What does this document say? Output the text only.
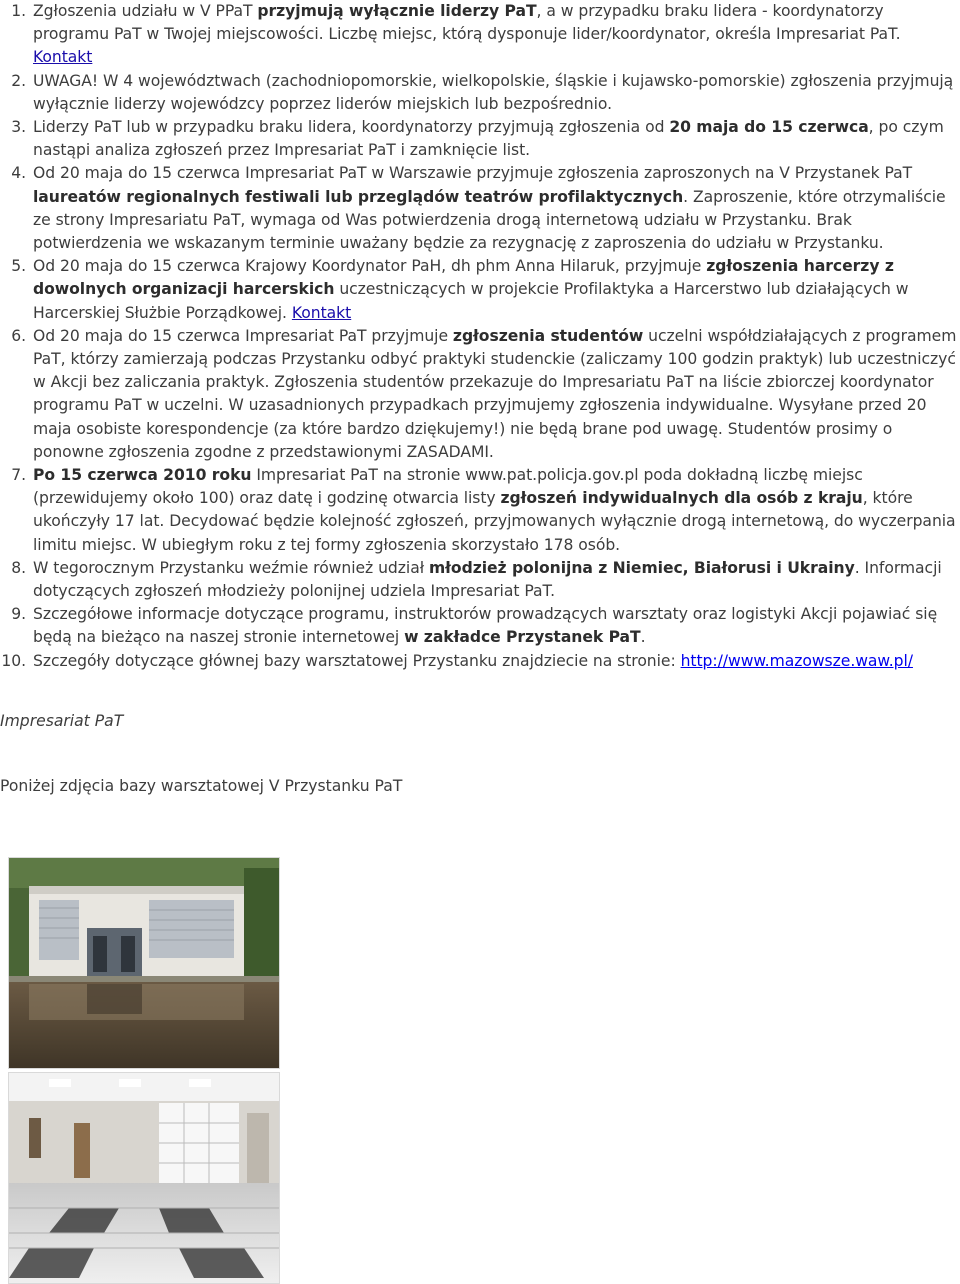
1. Zgłoszenia udziału w V PPaT przyjmują wyłącznie liderzy PaT, a w przypadku braku lidera - koordynatorzy programu PaT w Twojej miejscowości. Liczbę miejsc, którą dysponuje lider/koordynator, określa Impresariat PaT. Kontakt
2. UWAGA! W 4 województwach (zachodniopomorskie, wielkopolskie, śląskie i kujawsko-pomorskie) zgłoszenia przyjmują wyłącznie liderzy wojewódzcy poprzez liderów miejskich lub bezpośrednio.
3. Liderzy PaT lub w przypadku braku lidera, koordynatorzy przyjmują zgłoszenia od 20 maja do 15 czerwca, po czym nastąpi analiza zgłoszeń przez Impresariat PaT i zamknięcie list.
4. Od 20 maja do 15 czerwca Impresariat PaT w Warszawie przyjmuje zgłoszenia zaproszonych na V Przystanek PaT laureatów regionalnych festiwali lub przeglądów teatrów profilaktycznych. Zaproszenie, które otrzymaliście ze strony Impresariatu PaT, wymaga od Was potwierdzenia drogą internetową udziału w Przystanku. Brak potwierdzenia we wskazanym terminie uważany będzie za rezygnację z zaproszenia do udziału w Przystanku.
5. Od 20 maja do 15 czerwca Krajowy Koordynator PaH, dh phm Anna Hilaruk, przyjmuje zgłoszenia harcerzy z dowolnych organizacji harcerskich uczestniczących w projekcie Profilaktyka a Harcerstwo lub działających w Harcerskiej Służbie Porządkowej. Kontakt
6. Od 20 maja do 15 czerwca Impresariat PaT przyjmuje zgłoszenia studentów uczelni współdziałających z programem PaT, którzy zamierzają podczas Przystanku odbyć praktyki studenckie (zaliczamy 100 godzin praktyk) lub uczestniczyć w Akcji bez zaliczania praktyk. Zgłoszenia studentów przekazuje do Impresariatu PaT na liście zbiorczej koordynator programu PaT w uczelni. W uzasadnionych przypadkach przyjmujemy zgłoszenia indywidualne. Wysyłane przed 20 maja osobiste korespondencje (za które bardzo dziękujemy!) nie będą brane pod uwagę. Studentów prosimy o ponowne zgłoszenia zgodne z przedstawionymi ZASADAMI.
7. Po 15 czerwca 2010 roku Impresariat PaT na stronie www.pat.policja.gov.pl poda dokładną liczbę miejsc (przewidujemy około 100) oraz datę i godzinę otwarcia listy zgłoszeń indywidualnych dla osób z kraju, które ukończyły 17 lat. Decydować będzie kolejność zgłoszeń, przyjmowanych wyłącznie drogą internetową, do wyczerpania limitu miejsc. W ubiegłym roku z tej formy zgłoszenia skorzystało 178 osób.
8. W tegorocznym Przystanku weźmie również udział młodzież polonijna z Niemiec, Białorusi i Ukrainy. Informacji dotyczących zgłoszeń młodzieży polonijnej udziela Impresariat PaT.
9. Szczegółowe informacje dotyczące programu, instruktorów prowadzących warsztaty oraz logistyki Akcji pojawiać się będą na bieżąco na naszej stronie internetowej w zakładce Przystanek PaT.
10. Szczegóły dotyczące głównej bazy warsztatowej Przystanku znajdziecie na stronie: http://www.mazowsze.waw.pl/
Impresariat PaT
Poniżej zdjęcia bazy warsztatowej V Przystanku PaT
